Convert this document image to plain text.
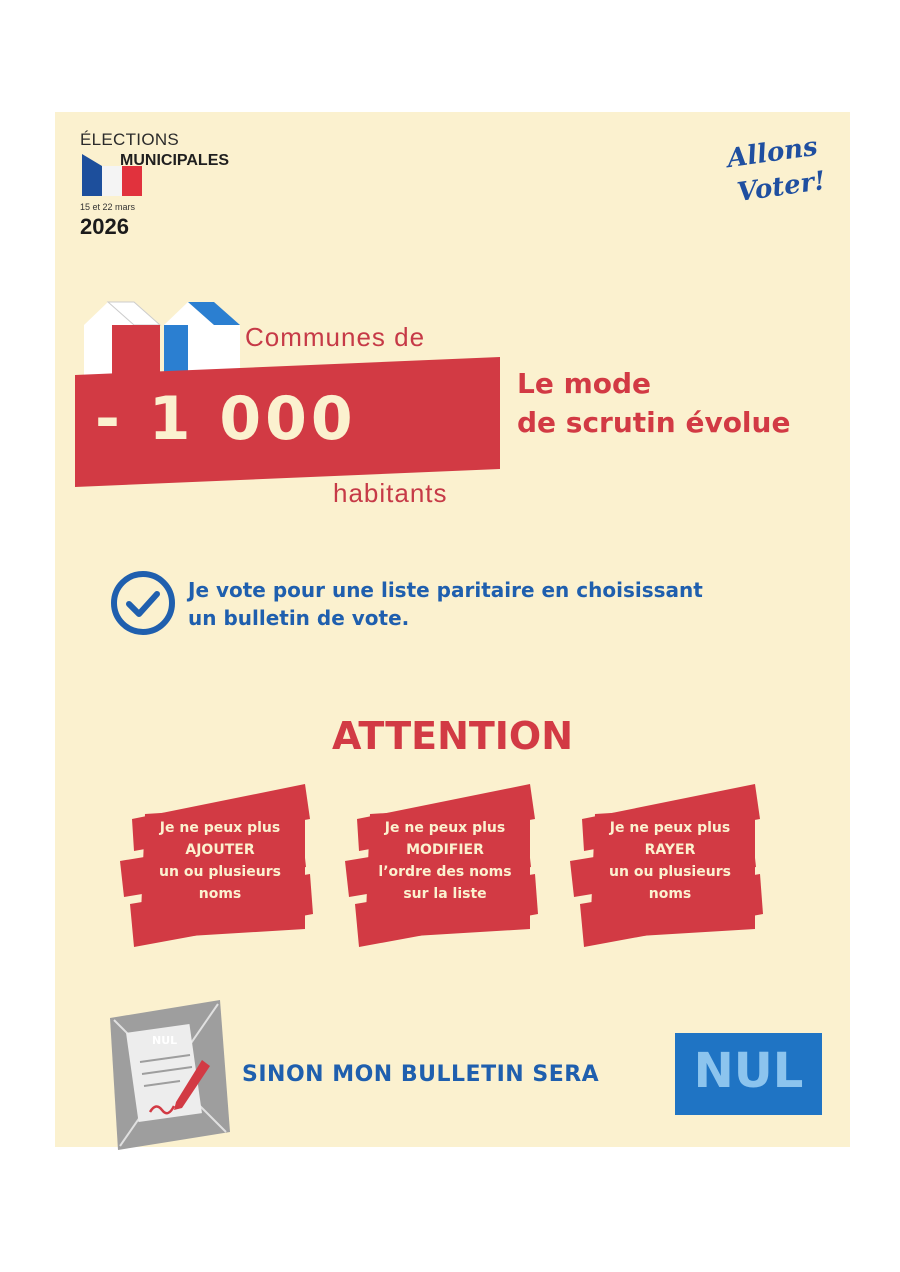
ÉLECTIONS
MUNICIPALES
15 et 22 mars
2026
Allons
Voter!
Communes de
- 1 000
habitants
Le mode
de scrutin évolue
Je vote pour une liste paritaire en choisissant
un bulletin de vote.
ATTENTION
Je ne peux plus
AJOUTER
un ou plusieurs
noms
Je ne peux plus
MODIFIER
l’ordre des noms
sur la liste
Je ne peux plus
RAYER
un ou plusieurs
noms
NUL
SINON MON BULLETIN SERA	NUL
